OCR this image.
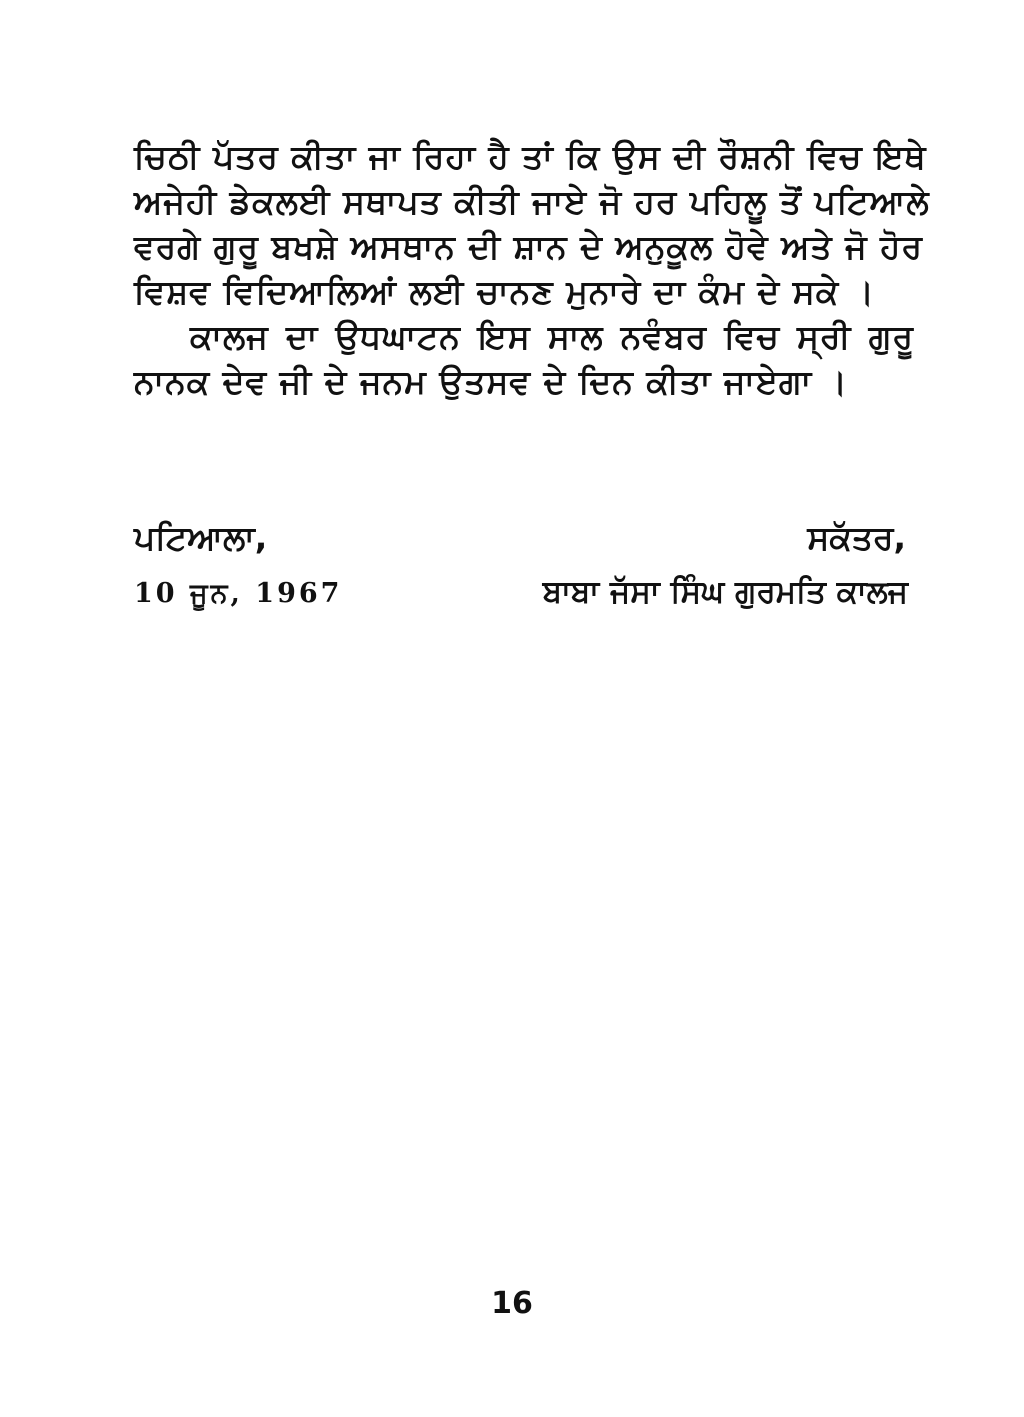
ਚਿਠੀ ਪੱਤਰ ਕੀਤਾ ਜਾ ਰਿਹਾ ਹੈ ਤਾਂ ਕਿ ਉਸ ਦੀ ਰੌਸ਼ਨੀ ਵਿਚ ਇਥੇ
ਅਜੇਹੀ ਡੇਕਲਈ ਸਥਾਪਤ ਕੀਤੀ ਜਾਏ ਜੋ ਹਰ ਪਹਿਲੂ ਤੋਂ ਪਟਿਆਲੇ
ਵਰਗੇ ਗੁਰੂ ਬਖਸ਼ੇ ਅਸਥਾਨ ਦੀ ਸ਼ਾਨ ਦੇ ਅਨੁਕੂਲ ਹੋਵੇ ਅਤੇ ਜੋ ਹੋਰ
ਵਿਸ਼ਵ ਵਿਦਿਆਲਿਆਂ ਲਈ ਚਾਨਣ ਮੁਨਾਰੇ ਦਾ ਕੰਮ ਦੇ ਸਕੇ ।
ਕਾਲਜ ਦਾ ਉਧਘਾਟਨ ਇਸ ਸਾਲ ਨਵੰਬਰ ਵਿਚ ਸ੍ਰੀ ਗੁਰੂ
ਨਾਨਕ ਦੇਵ ਜੀ ਦੇ ਜਨਮ ਉਤਸਵ ਦੇ ਦਿਨ ਕੀਤਾ ਜਾਏਗਾ ।
ਪਟਿਆਲਾ,
10 ਜੂਨ, 1967
ਸਕੱਤਰ,
ਬਾਬਾ ਜੱਸਾ ਸਿੰਘ ਗੁਰਮਤਿ ਕਾਲਜ
16
